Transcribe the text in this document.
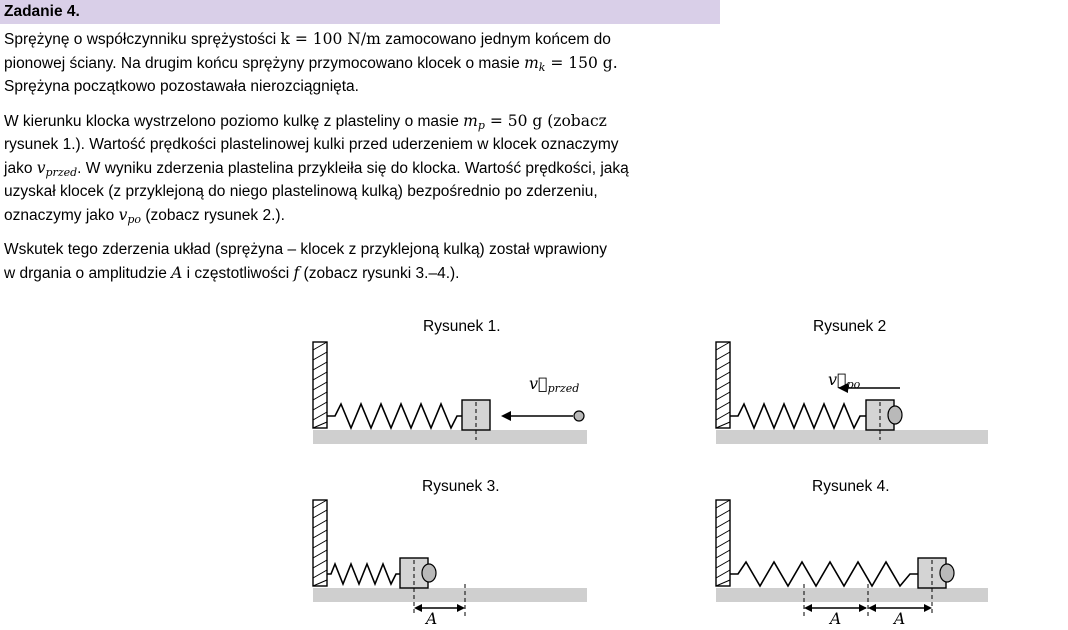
Zadanie 4.

Sprężynę o współczynniku sprężystości k = 100 N/m zamocowano jednym końcem do

pionowej ściany. Na drugim końcu sprężyny przymocowano klocek o masie $m_k = 150$ g.

Sprężyna początkowo pozostawała nierozciągnięta.

W kierunku klocka wystrzelono poziomo kulkę z plasteliny o masie $m_p = 50$ g (zobacz

rysunek 1.). Wartość prędkości plastelinowej kulki przed uderzeniem w klocek oznaczymy

jako $v_{przed}$. W wyniku zderzenia plastelina przykleiła się do klocka. Wartość prędkości, jaką

uzyskał klocek (z przyklejoną do niego plastelinową kulką) bezpośrednio po zderzeniu,

oznaczymy jako $v_{po}$ (zobacz rysunek 2.).

Wskutek tego zderzenia układ (sprężyna – klocek z przyklejoną kulką) został wprawiony

w drgania o amplitudzie A i częstotliwości f (zobacz rysunki 3.–4.).

Rysunek 1.	Rysunek 2
$v⃗_{przed}$	$v⃗_{po}$
Rysunek 3.	Rysunek 4.
A	A	A
